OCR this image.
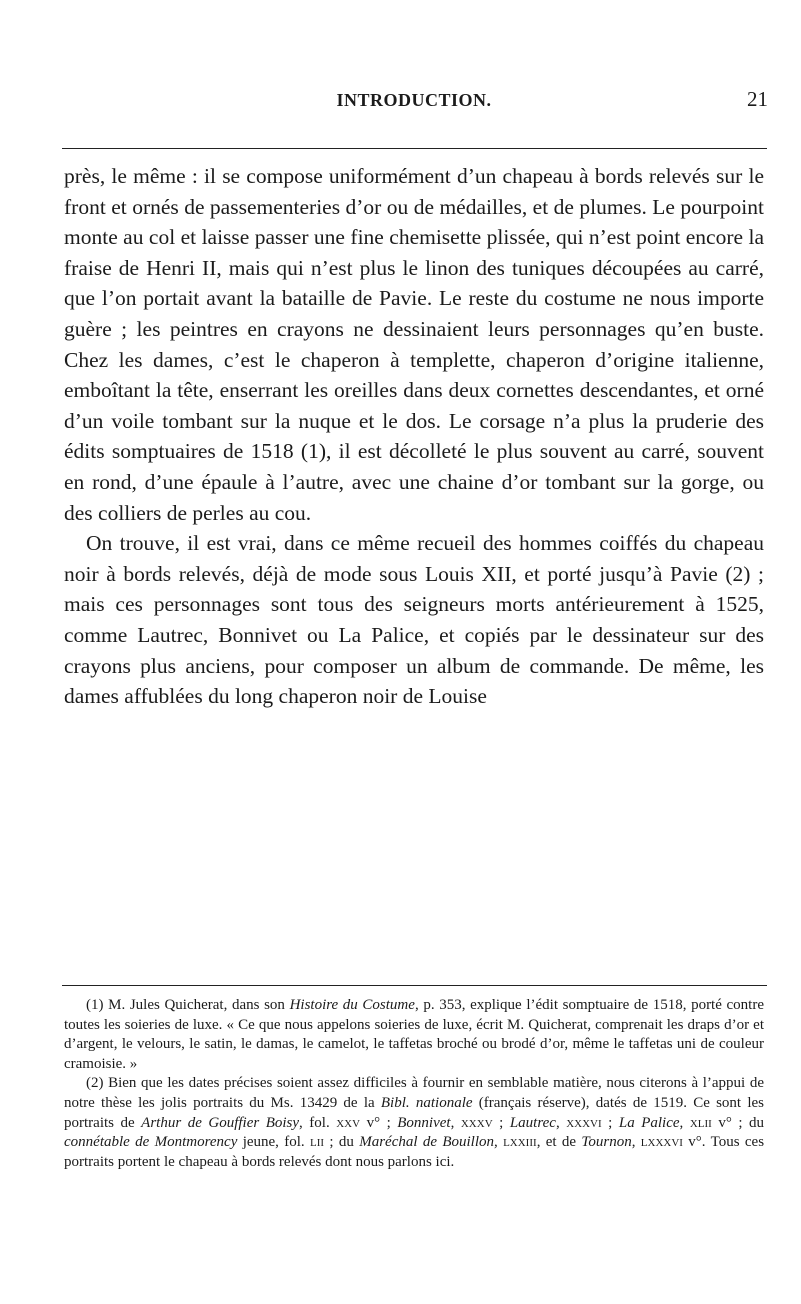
INTRODUCTION.	21

près, le même : il se compose uniformément d’un chapeau à bords relevés sur le front et ornés de passementeries d’or ou de médailles, et de plumes. Le pourpoint monte au col et laisse passer une fine chemisette plissée, qui n’est point encore la fraise de Henri II, mais qui n’est plus le linon des tuniques découpées au carré, que l’on portait avant la bataille de Pavie. Le reste du costume ne nous importe guère ; les peintres en crayons ne dessinaient leurs personnages qu’en buste. Chez les dames, c’est le chaperon à templette, chaperon d’origine italienne, emboîtant la tête, enserrant les oreilles dans deux cornettes descendantes, et orné d’un voile tombant sur la nuque et le dos. Le corsage n’a plus la pruderie des édits somptuaires de 1518 (1), il est décolleté le plus souvent au carré, souvent en rond, d’une épaule à l’autre, avec une chaine d’or tombant sur la gorge, ou des colliers de perles au cou.

On trouve, il est vrai, dans ce même recueil des hommes coiffés du chapeau noir à bords relevés, déjà de mode sous Louis XII, et porté jusqu’à Pavie (2) ; mais ces personnages sont tous des seigneurs morts antérieurement à 1525, comme Lautrec, Bonnivet ou La Palice, et copiés par le dessinateur sur des crayons plus anciens, pour composer un album de commande. De même, les dames affublées du long chaperon noir de Louise

(1) M. Jules Quicherat, dans son Histoire du Costume, p. 353, explique l’édit somptuaire de 1518, porté contre toutes les soieries de luxe. « Ce que nous appelons soieries de luxe, écrit M. Quicherat, comprenait les draps d’or et d’argent, le velours, le satin, le damas, le camelot, le taffetas broché ou brodé d’or, même le taffetas uni de couleur cramoisie. »

(2) Bien que les dates précises soient assez difficiles à fournir en semblable matière, nous citerons à l’appui de notre thèse les jolis portraits du Ms. 13429 de la Bibl. nationale (français réserve), datés de 1519. Ce sont les portraits de Arthur de Gouffier Boisy, fol. xxv v° ; Bonnivet, xxxv ; Lautrec, xxxvi ; La Palice, xlii v° ; du connétable de Montmorency jeune, fol. lii ; du Maréchal de Bouillon, lxxiii, et de Tournon, lxxxvi v°. Tous ces portraits portent le chapeau à bords relevés dont nous parlons ici.
